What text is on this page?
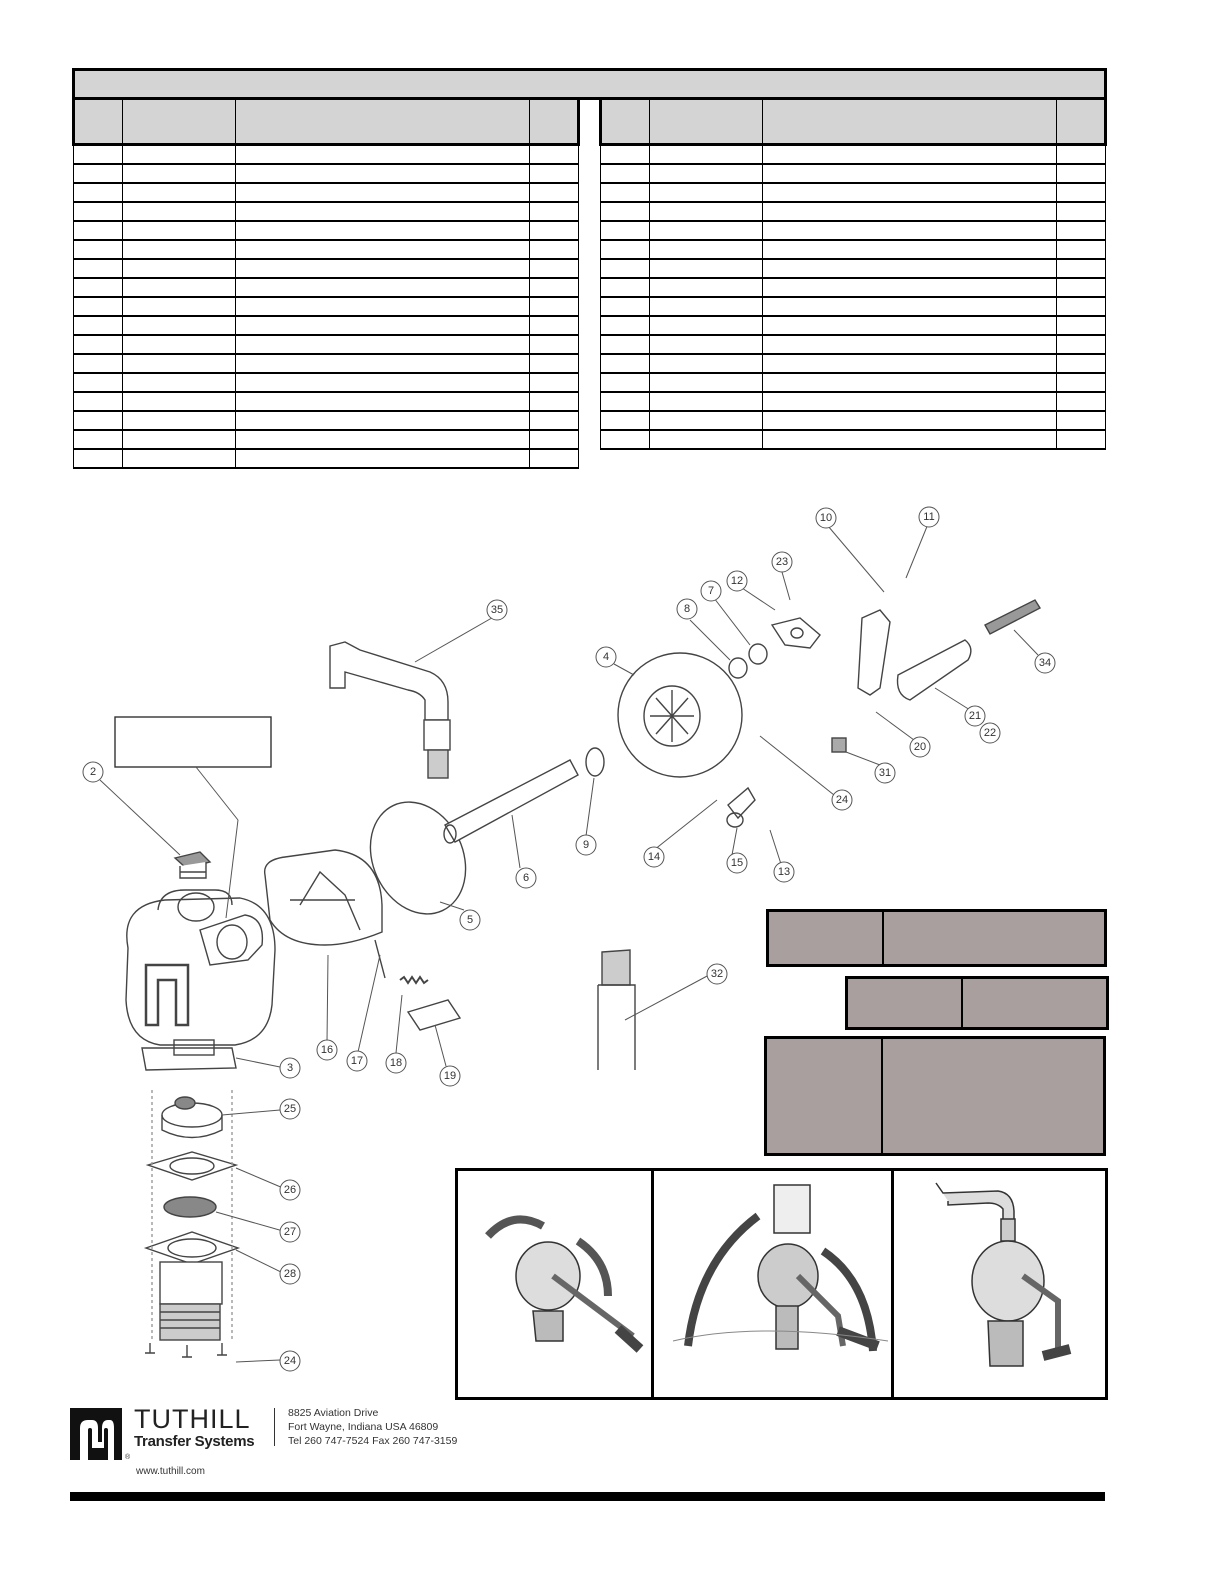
2
3
4
5
6
7
8
9
10	11
12
13
14	15
16
17 18
19
20
21
22
23
24
24
25
26
27
28
31
32
34
35
TUTHILL
Transfer Systems
®
8825 Aviation Drive
Fort Wayne, Indiana USA 46809
Tel 260 747-7524 Fax 260 747-3159
www.tuthill.com
